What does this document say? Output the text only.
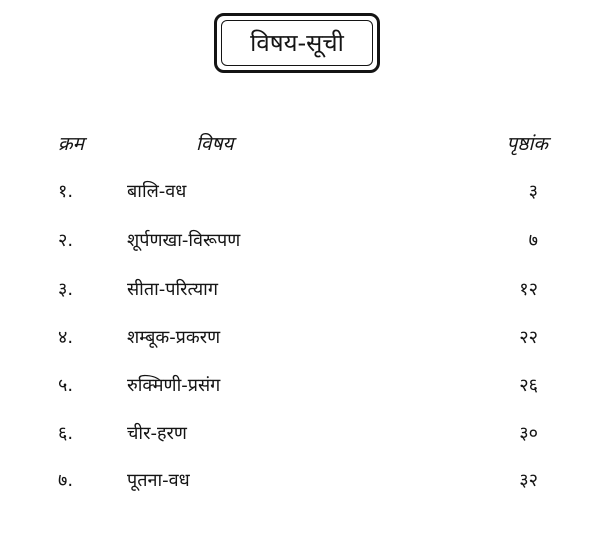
विषय-सूची
क्रम	विषय	पृष्ठांक
१.	बालि-वध	३
२.	शूर्पणखा-विरूपण	७
३.	सीता-परित्याग	१२
४.	शम्बूक-प्रकरण	२२
५.	रुक्मिणी-प्रसंग	२६
६.	चीर-हरण	३०
७.	पूतना-वध	३२
